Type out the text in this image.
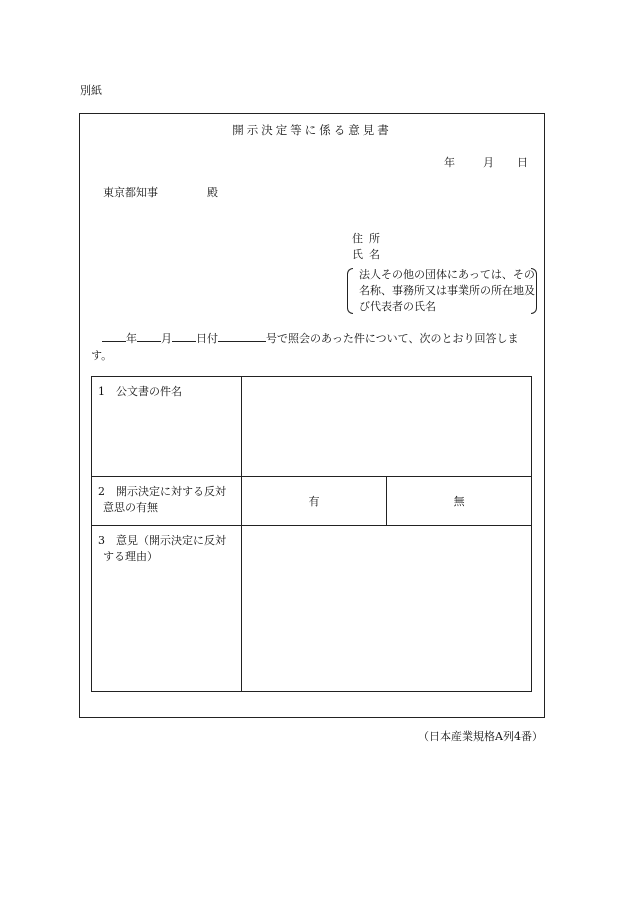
別紙
開示決定等に係る意見書
年	月 日
東京都知事	殿
住所
氏名
法人その他の団体にあっては、その名称、事務所又は事業所の所在地及び代表者の氏名
年 月 日付	号で照会のあった件について、次のとおり回答します。
1　公文書の件名		

2　開示決定に対する反対
意思の有無	有	無

3　意見（開示決定に反対
する理由）		

（日本産業規格A列4番）
